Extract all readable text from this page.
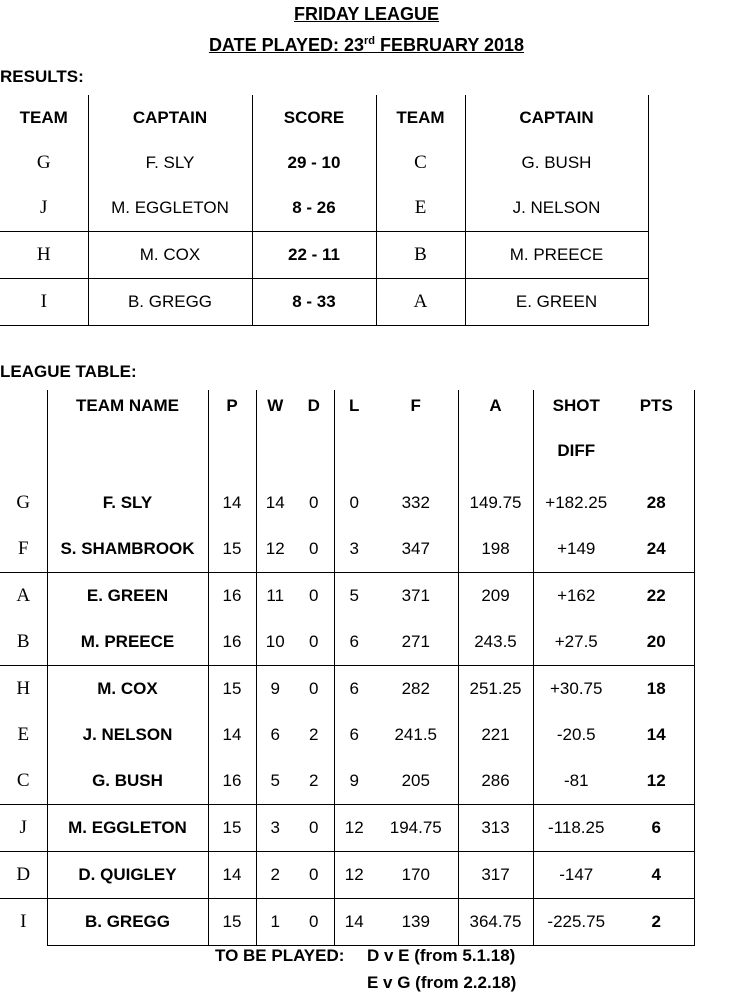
FRIDAY LEAGUE
DATE PLAYED: 23rd FEBRUARY 2018
RESULTS:
TEAM	CAPTAIN	SCORE	TEAM	CAPTAIN
G	F. SLY	29 - 10	C	G. BUSH
J	M. EGGLETON	8 - 26	E	J. NELSON
H	M. COX	22 - 11	B	M. PREECE
I	B. GREGG	8 - 33	A	E. GREEN
LEAGUE TABLE:
	TEAM NAME	P	W	D	L	F	A	SHOT	PTS
								DIFF	
G	F. SLY	14	14	0	0	332	149.75	+182.25	28
F	S. SHAMBROOK	15	12	0	3	347	198	+149	24
A	E. GREEN	16	11	0	5	371	209	+162	22
B	M. PREECE	16	10	0	6	271	243.5	+27.5	20
H	M. COX	15	9	0	6	282	251.25	+30.75	18
E	J. NELSON	14	6	2	6	241.5	221	-20.5	14
C	G. BUSH	16	5	2	9	205	286	-81	12
J	M. EGGLETON	15	3	0	12	194.75	313	-118.25	6
D	D. QUIGLEY	14	2	0	12	170	317	-147	4
I	B. GREGG	15	1	0	14	139	364.75	-225.75	2
TO BE PLAYED: D v E (from 5.1.18)
E v G (from 2.2.18)
